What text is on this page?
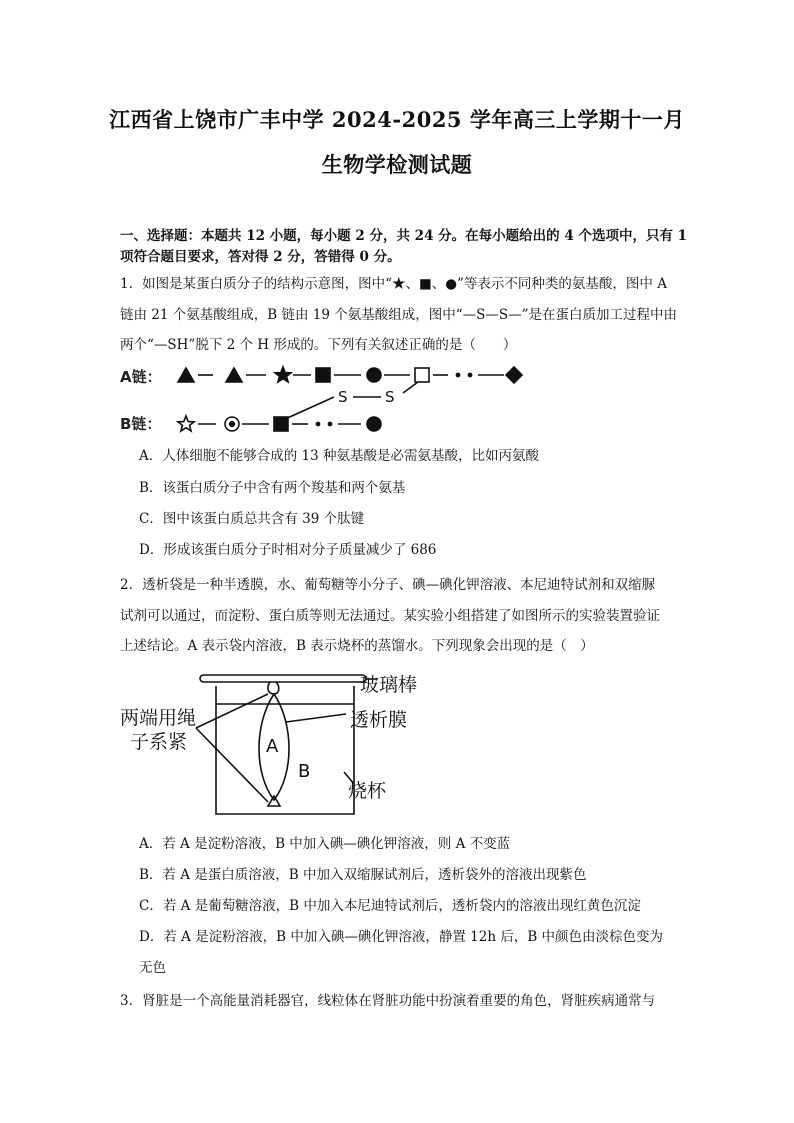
江西省上饶市广丰中学 2024-2025 学年高三上学期十一月
生物学检测试题
一、选择题：本题共 12 小题，每小题 2 分，共 24 分。在每小题给出的 4 个选项中，只有 1
项符合题目要求，答对得 2 分，答错得 0 分。
1．如图是某蛋白质分子的结构示意图，图中“★、■、●”等表示不同种类的氨基酸，图中 A
链由 21 个氨基酸组成，B 链由 19 个氨基酸组成，图中“—S—S—”是在蛋白质加工过程中由
两个“—SH”脱下 2 个 H 形成的。下列有关叙述正确的是（　　）
A链：
B链：
S S
A．人体细胞不能够合成的 13 种氨基酸是必需氨基酸，比如丙氨酸
B．该蛋白质分子中含有两个羧基和两个氨基
C．图中该蛋白质总共含有 39 个肽键
D．形成该蛋白质分子时相对分子质量减少了 686
2．透析袋是一种半透膜，水、葡萄糖等小分子、碘—碘化钾溶液、本尼迪特试剂和双缩脲
试剂可以通过，而淀粉、蛋白质等则无法通过。某实验小组搭建了如图所示的实验装置验证
上述结论。A 表示袋内溶液，B 表示烧杯的蒸馏水。下列现象会出现的是（　）
玻璃棒
两端用绳
子系紧
透析膜
A
B
烧杯
A．若 A 是淀粉溶液，B 中加入碘—碘化钾溶液，则 A 不变蓝
B．若 A 是蛋白质溶液，B 中加入双缩脲试剂后，透析袋外的溶液出现紫色
C．若 A 是葡萄糖溶液，B 中加入本尼迪特试剂后，透析袋内的溶液出现红黄色沉淀
D．若 A 是淀粉溶液，B 中加入碘—碘化钾溶液，静置 12h 后，B 中颜色由淡棕色变为
无色
3．肾脏是一个高能量消耗器官，线粒体在肾脏功能中扮演着重要的角色，肾脏疾病通常与
